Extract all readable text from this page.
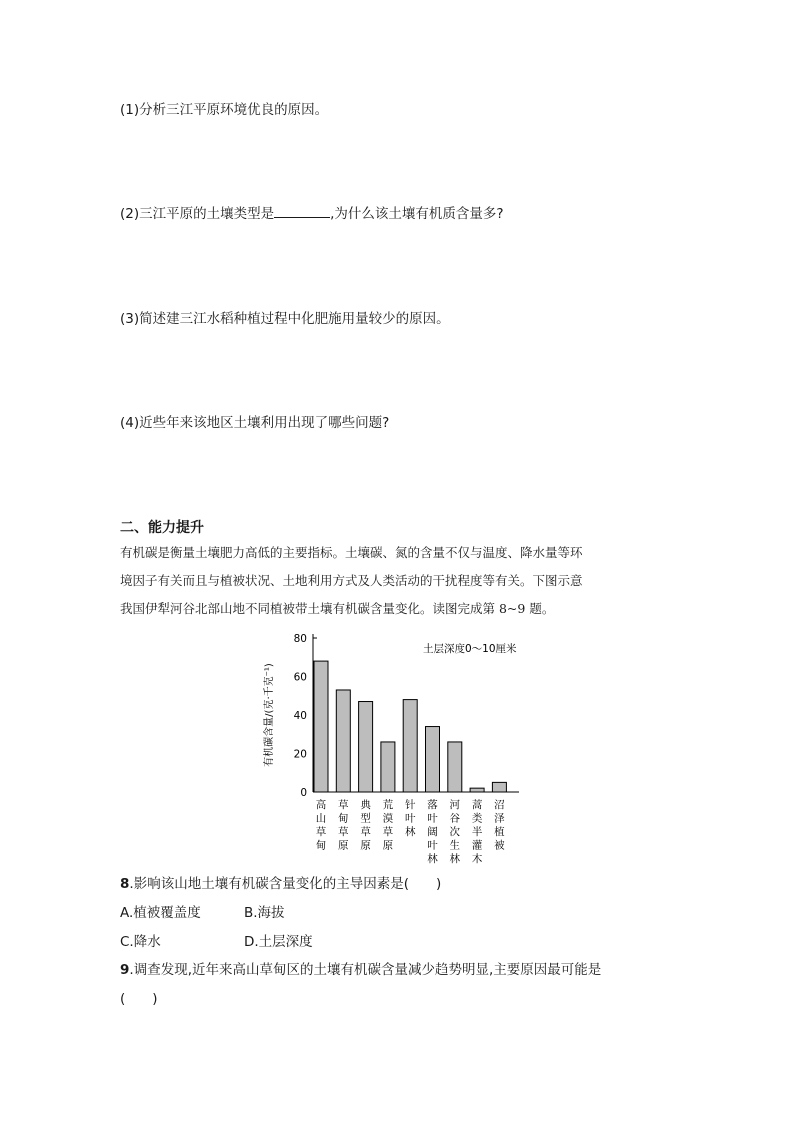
(1)分析三江平原环境优良的原因。
(2)三江平原的土壤类型是	,为什么该土壤有机质含量多?
(3)简述建三江水稻种植过程中化肥施用量较少的原因。
(4)近些年来该地区土壤利用出现了哪些问题?
二、能力提升
有机碳是衡量土壤肥力高低的主要指标。土壤碳、氮的含量不仅与温度、降水量等环
境因子有关而且与植被状况、土地利用方式及人类活动的干扰程度等有关。下图示意
我国伊犁河谷北部山地不同植被带土壤有机碳含量变化。读图完成第 8~9 题。
0
20
40
60
80
有机碳含量/(克·千克⁻¹)
土层深度0～10厘米
高山草甸
草甸草原
典型草原
荒漠草原
针叶林
落叶阔叶林
河谷次生林
蒿类半灌木
沼泽植被
8.影响该山地土壤有机碳含量变化的主导因素是(　　)
A.植被覆盖度	B.海拔
C.降水	D.土层深度
9.调查发现,近年来高山草甸区的土壤有机碳含量减少趋势明显,主要原因最可能是
(　　)
